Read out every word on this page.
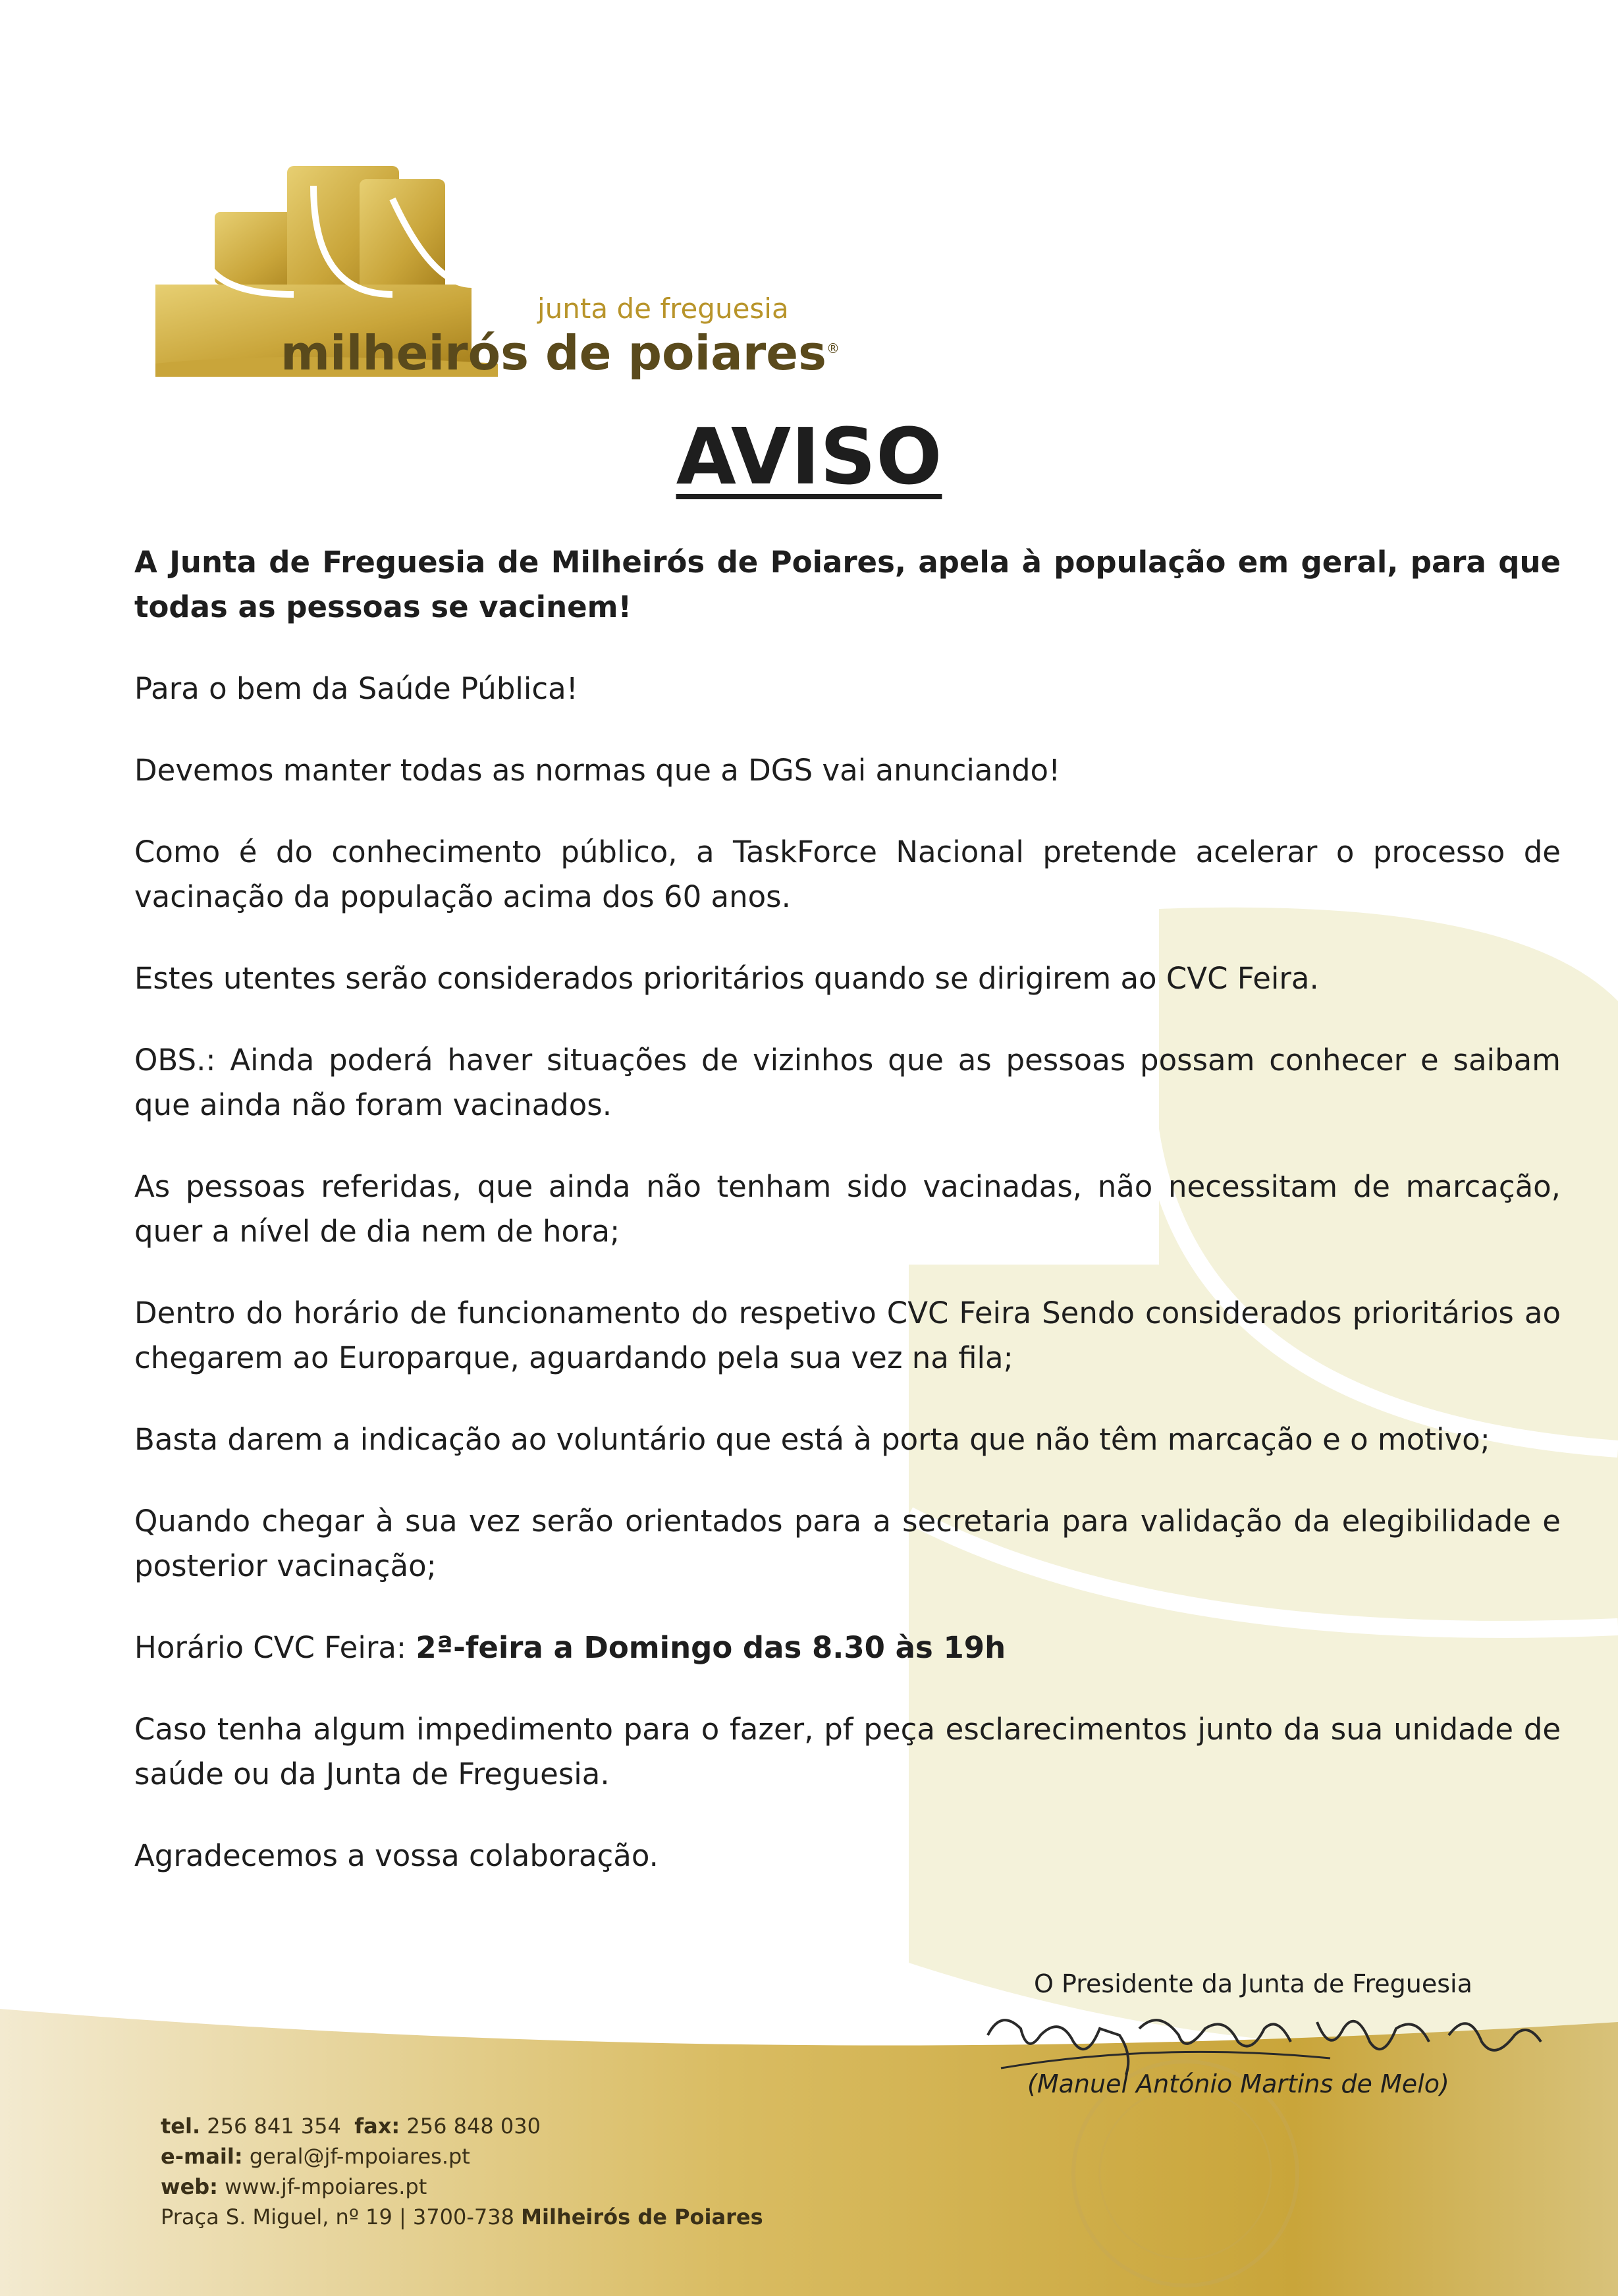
junta de freguesia
milheirós de poiares®
AVISO

A Junta de Freguesia de Milheirós de Poiares, apela à população em geral, para que todas as pessoas se vacinem!

Para o bem da Saúde Pública!

Devemos manter todas as normas que a DGS vai anunciando!

Como é do conhecimento público, a TaskForce Nacional pretende acelerar o processo de vacinação da população acima dos 60 anos.

Estes utentes serão considerados prioritários quando se dirigirem ao CVC Feira.

OBS.: Ainda poderá haver situações de vizinhos que as pessoas possam conhecer e saibam que ainda não foram vacinados.

As pessoas referidas, que ainda não tenham sido vacinadas, não necessitam de marcação, quer a nível de dia nem de hora;

Dentro do horário de funcionamento do respetivo CVC Feira Sendo considerados prioritários ao chegarem ao Europarque, aguardando pela sua vez na fila;

Basta darem a indicação ao voluntário que está à porta que não têm marcação e o motivo;

Quando chegar à sua vez serão orientados para a secretaria para validação da elegibilidade e posterior vacinação;

Horário CVC Feira: 2ª-feira a Domingo das 8.30 às 19h

Caso tenha algum impedimento para o fazer, pf peça esclarecimentos junto da sua unidade de saúde ou da Junta de Freguesia.

Agradecemos a vossa colaboração.

O Presidente da Junta de Freguesia
(Manuel António Martins de Melo)
tel. 256 841 354 fax: 256 848 030
e-mail: geral@jf-mpoiares.pt
web: www.jf-mpoiares.pt
Praça S. Miguel, nº 19 | 3700-738 Milheirós de Poiares
